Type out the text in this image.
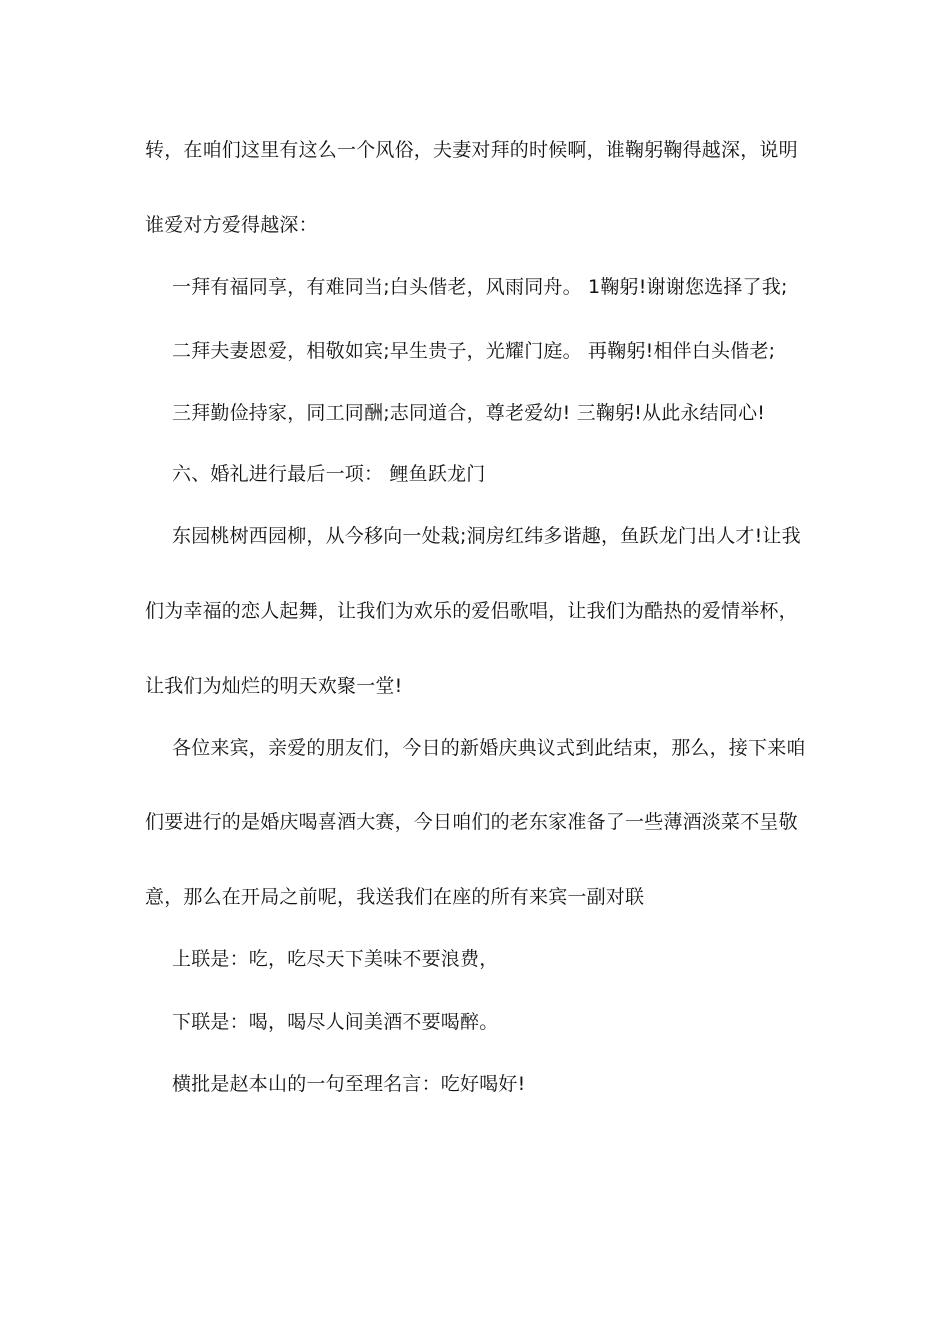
转，在咱们这里有这么一个风俗，夫妻对拜的时候啊，谁鞠躬鞠得越深，说明
谁爱对方爱得越深：
一拜有福同享，有难同当;白头偕老，风雨同舟。 1鞠躬!谢谢您选择了我;
二拜夫妻恩爱，相敬如宾;早生贵子，光耀门庭。 再鞠躬!相伴白头偕老;
三拜勤俭持家，同工同酬;志同道合，尊老爱幼! 三鞠躬!从此永结同心!
六、婚礼进行最后一项： 鲤鱼跃龙门
东园桃树西园柳，从今移向一处栽;洞房红纬多谐趣，鱼跃龙门出人才!让我
们为幸福的恋人起舞，让我们为欢乐的爱侣歌唱，让我们为酷热的爱情举杯，
让我们为灿烂的明天欢聚一堂!
各位来宾，亲爱的朋友们，今日的新婚庆典议式到此结束，那么，接下来咱
们要进行的是婚庆喝喜酒大赛，今日咱们的老东家准备了一些薄酒淡菜不呈敬
意，那么在开局之前呢，我送我们在座的所有来宾一副对联
上联是：吃，吃尽天下美味不要浪费，
下联是：喝，喝尽人间美酒不要喝醉。
横批是赵本山的一句至理名言：吃好喝好!
